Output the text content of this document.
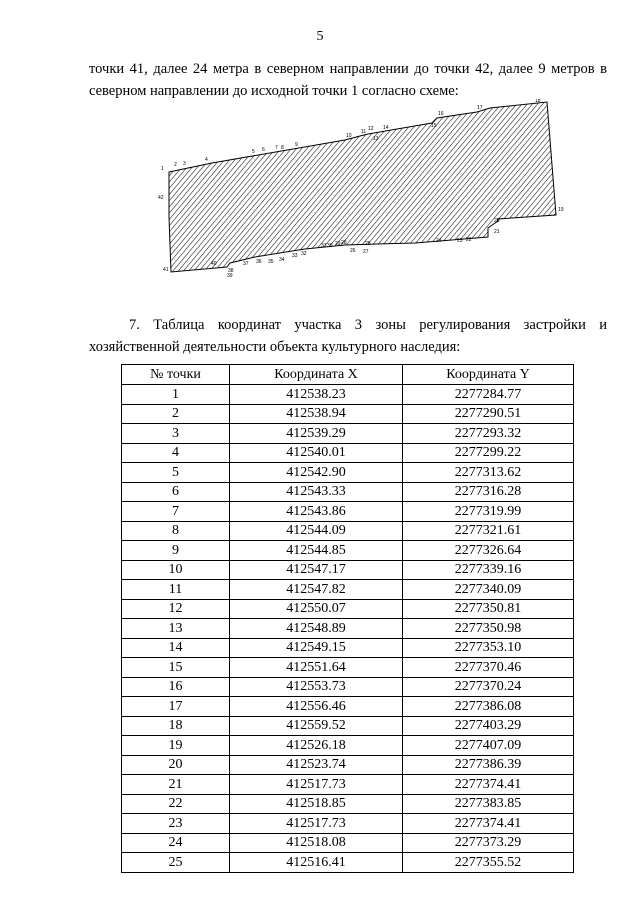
5
точки 41, далее 24 метра в северном направлении до точки 42, далее 9 метров в
северном направлении до исходной точки 1 согласно схеме:
1
2 3
4
5 6 7 8 9
10
11 12
13
14	15
16
17
18
19
20
21
22
23
24
25
26 27
28
29
30
31
32
33
34
35
36
37
38
39
40
41
42
7. Таблица координат участка 3 зоны регулирования застройки и
хозяйственной деятельности объекта культурного наследия:
№ точки	Координата X	Координата Y
1	412538.23	2277284.77
2	412538.94	2277290.51
3	412539.29	2277293.32
4	412540.01	2277299.22
5	412542.90	2277313.62
6	412543.33	2277316.28
7	412543.86	2277319.99
8	412544.09	2277321.61
9	412544.85	2277326.64
10	412547.17	2277339.16
11	412547.82	2277340.09
12	412550.07	2277350.81
13	412548.89	2277350.98
14	412549.15	2277353.10
15	412551.64	2277370.46
16	412553.73	2277370.24
17	412556.46	2277386.08
18	412559.52	2277403.29
19	412526.18	2277407.09
20	412523.74	2277386.39
21	412517.73	2277374.41
22	412518.85	2277383.85
23	412517.73	2277374.41
24	412518.08	2277373.29
25	412516.41	2277355.52
